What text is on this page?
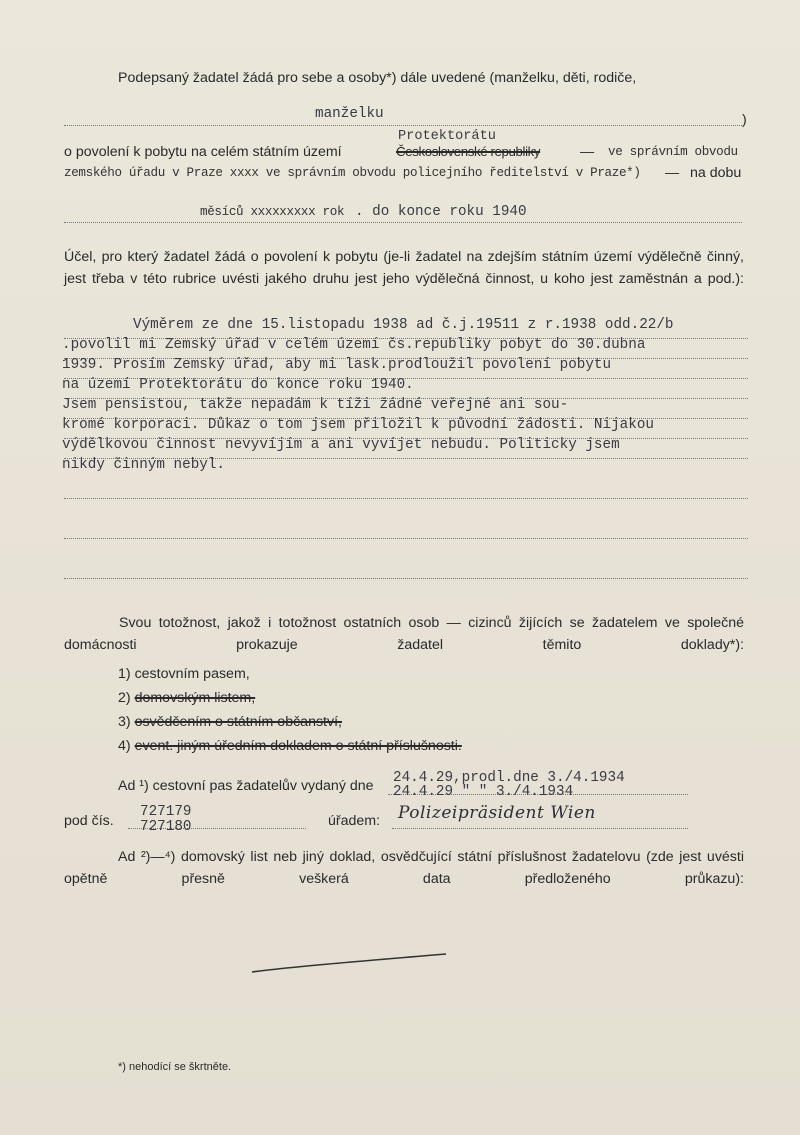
Podepsaný žadatel žádá pro sebe a osoby*) dále uvedené (manželku, děti, rodiče,
manželku	)
Protektorátu
o povolení k pobytu na celém státním území	Československé republiky	— ve správním obvodu
zemského úřadu v Praze xxxx ve správním obvodu policejního ředitelství v Praze*) — na dobu
měsíců xxxxxxxxx rok . do konce roku 1940
Účel, pro který žadatel žádá o povolení k pobytu (je-li žadatel na zdejším státním území výdělečně činný, jest třeba v této rubrice uvésti jakého druhu jest jeho výdělečná činnost, u koho jest zaměstnán a pod.):
Výměrem ze dne 15.listopadu 1938 ad č.j.19511 z r.1938 odd.22/b
.povolil mi Zemský úřad v celém území čs.republiky pobyt do 30.dubna
1939. Prosím Zemský úřad, aby mi lask.prodloužil povolení pobytu
na území Protektorátu do konce roku 1940.
Jsem pensistou, takže nepadám k tíži žádné veřejné ani sou-
kromé korporaci. Důkaz o tom jsem přiložil k původní žádosti. Nijakou
výdělkovou činnost nevyvíjím a ani vyvíjet nebudu. Politicky jsem
nikdy činným nebyl.
Svou totožnost, jakož i totožnost ostatních osob — cizinců žijících se žadatelem ve společné domácnosti prokazuje žadatel těmito doklady*):
1) cestovním pasem,
2) domovským listem,
3) osvědčením o státním občanství,
4) event. jiným úředním dokladem o státní příslušnosti.
Ad ¹) cestovní pas žadatelův vydaný dne 24.4.29,prodl.dne 3./4.1934
24.4.29 " " 3./4.1934
pod čís.
727179
727180	úřadem: Polizeipräsident Wien
Ad ²)—⁴) domovský list neb jiný doklad, osvědčující státní příslušnost žadatelovu (zde jest uvésti opětně přesně veškerá data předloženého průkazu):
*) nehodící se škrtněte.
